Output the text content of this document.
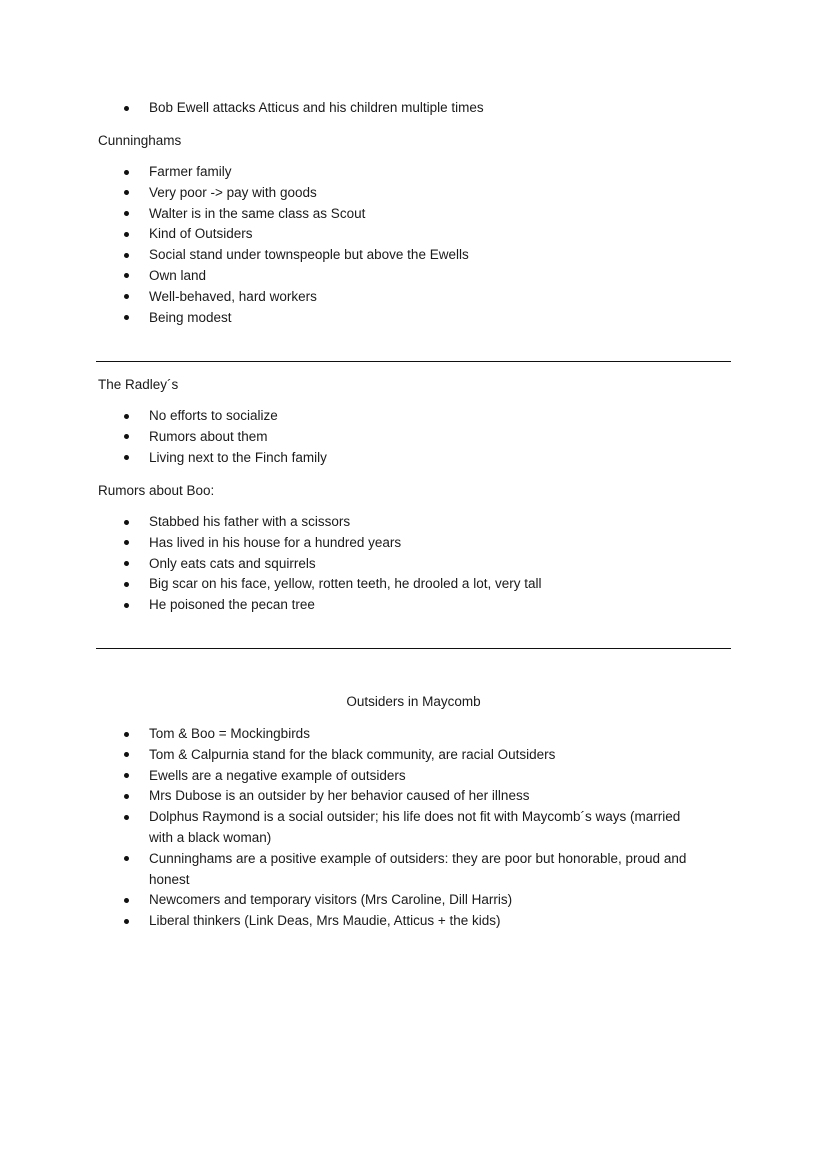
Bob Ewell attacks Atticus and his children multiple times
Cunninghams
Farmer family
Very poor -> pay with goods
Walter is in the same class as Scout
Kind of Outsiders
Social stand under townspeople but above the Ewells
Own land
Well-behaved, hard workers
Being modest
The Radley´s
No efforts to socialize
Rumors about them
Living next to the Finch family
Rumors about Boo:
Stabbed his father with a scissors
Has lived in his house for a hundred years
Only eats cats and squirrels
Big scar on his face, yellow, rotten teeth, he drooled a lot, very tall
He poisoned the pecan tree
Outsiders in Maycomb
Tom & Boo = Mockingbirds
Tom & Calpurnia stand for the black community, are racial Outsiders
Ewells are a negative example of outsiders
Mrs Dubose is an outsider by her behavior caused of her illness
Dolphus Raymond is a social outsider; his life does not fit with Maycomb´s ways (married with a black woman)
Cunninghams are a positive example of outsiders: they are poor but honorable, proud and honest
Newcomers and temporary visitors (Mrs Caroline, Dill Harris)
Liberal thinkers (Link Deas, Mrs Maudie, Atticus + the kids)
